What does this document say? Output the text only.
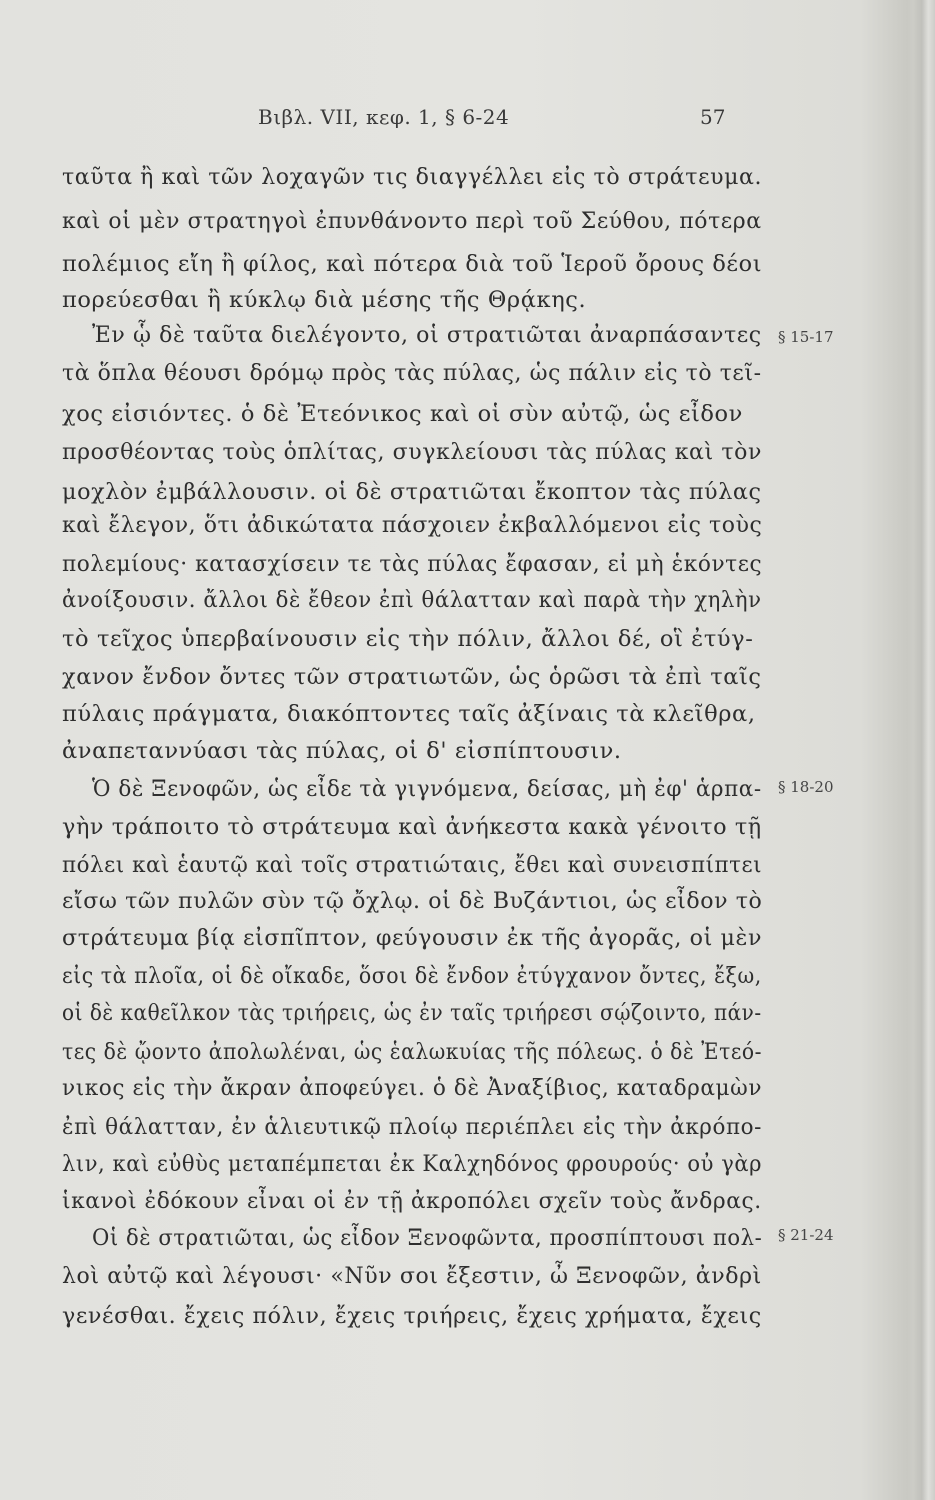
Βιβλ. VII, κεφ. 1, § 6-24	57
ταῦτα ἢ καὶ τῶν λοχαγῶν τις διαγγέλλει εἰς τὸ στράτευμα.
καὶ οἱ μὲν στρατηγοὶ ἐπυνθάνοντο περὶ τοῦ Σεύθου, πότερα
πολέμιος εἴη ἢ φίλος, καὶ πότερα διὰ τοῦ Ἱεροῦ ὄρους δέοι
πορεύεσθαι ἢ κύκλῳ διὰ μέσης τῆς Θρᾴκης.
Ἐν ᾧ δὲ ταῦτα διελέγοντο, οἱ στρατιῶται ἀναρπάσαντες
τὰ ὅπλα θέουσι δρόμῳ πρὸς τὰς πύλας, ὡς πάλιν εἰς τὸ τεῖ-
χος εἰσιόντες. ὁ δὲ Ἐτεόνικος καὶ οἱ σὺν αὐτῷ, ὡς εἶδον
προσθέοντας τοὺς ὁπλίτας, συγκλείουσι τὰς πύλας καὶ τὸν
μοχλὸν ἐμβάλλουσιν. οἱ δὲ στρατιῶται ἔκοπτον τὰς πύλας
καὶ ἔλεγον, ὅτι ἀδικώτατα πάσχοιεν ἐκβαλλόμενοι εἰς τοὺς
πολεμίους· κατασχίσειν τε τὰς πύλας ἔφασαν, εἰ μὴ ἑκόντες
ἀνοίξουσιν. ἄλλοι δὲ ἔθεον ἐπὶ θάλατταν καὶ παρὰ τὴν χηλὴν
τὸ τεῖχος ὑπερβαίνουσιν εἰς τὴν πόλιν, ἄλλοι δέ, οἳ ἐτύγ-
χανον ἔνδον ὄντες τῶν στρατιωτῶν, ὡς ὁρῶσι τὰ ἐπὶ ταῖς
πύλαις πράγματα, διακόπτοντες ταῖς ἀξίναις τὰ κλεῖθρα,
ἀναπεταννύασι τὰς πύλας, οἱ δ' εἰσπίπτουσιν.
Ὁ δὲ Ξενοφῶν, ὡς εἶδε τὰ γιγνόμενα, δείσας, μὴ ἐφ' ἁρπα-
γὴν τράποιτο τὸ στράτευμα καὶ ἀνήκεστα κακὰ γένοιτο τῇ
πόλει καὶ ἑαυτῷ καὶ τοῖς στρατιώταις, ἔθει καὶ συνεισπίπτει
εἴσω τῶν πυλῶν σὺν τῷ ὄχλῳ. οἱ δὲ Βυζάντιοι, ὡς εἶδον τὸ
στράτευμα βίᾳ εἰσπῖπτον, φεύγουσιν ἐκ τῆς ἀγορᾶς, οἱ μὲν
εἰς τὰ πλοῖα, οἱ δὲ οἴκαδε, ὅσοι δὲ ἔνδον ἐτύγχανον ὄντες, ἔξω,
οἱ δὲ καθεῖλκον τὰς τριήρεις, ὡς ἐν ταῖς τριήρεσι σῴζοιντο, πάν-
τες δὲ ᾤοντο ἀπολωλέναι, ὡς ἑαλωκυίας τῆς πόλεως. ὁ δὲ Ἐτεό-
νικος εἰς τὴν ἄκραν ἀποφεύγει. ὁ δὲ Ἀναξίβιος, καταδραμὼν
ἐπὶ θάλατταν, ἐν ἁλιευτικῷ πλοίῳ περιέπλει εἰς τὴν ἀκρόπο-
λιν, καὶ εὐθὺς μεταπέμπεται ἐκ Καλχηδόνος φρουρούς· οὐ γὰρ
ἱκανοὶ ἐδόκουν εἶναι οἱ ἐν τῇ ἀκροπόλει σχεῖν τοὺς ἄνδρας.
Οἱ δὲ στρατιῶται, ὡς εἶδον Ξενοφῶντα, προσπίπτουσι πολ-
λοὶ αὐτῷ καὶ λέγουσι· «Νῦν σοι ἔξεστιν, ὦ Ξενοφῶν, ἀνδρὶ
γενέσθαι. ἔχεις πόλιν, ἔχεις τριήρεις, ἔχεις χρήματα, ἔχεις
§ 15-17
§ 18-20
§ 21-24
